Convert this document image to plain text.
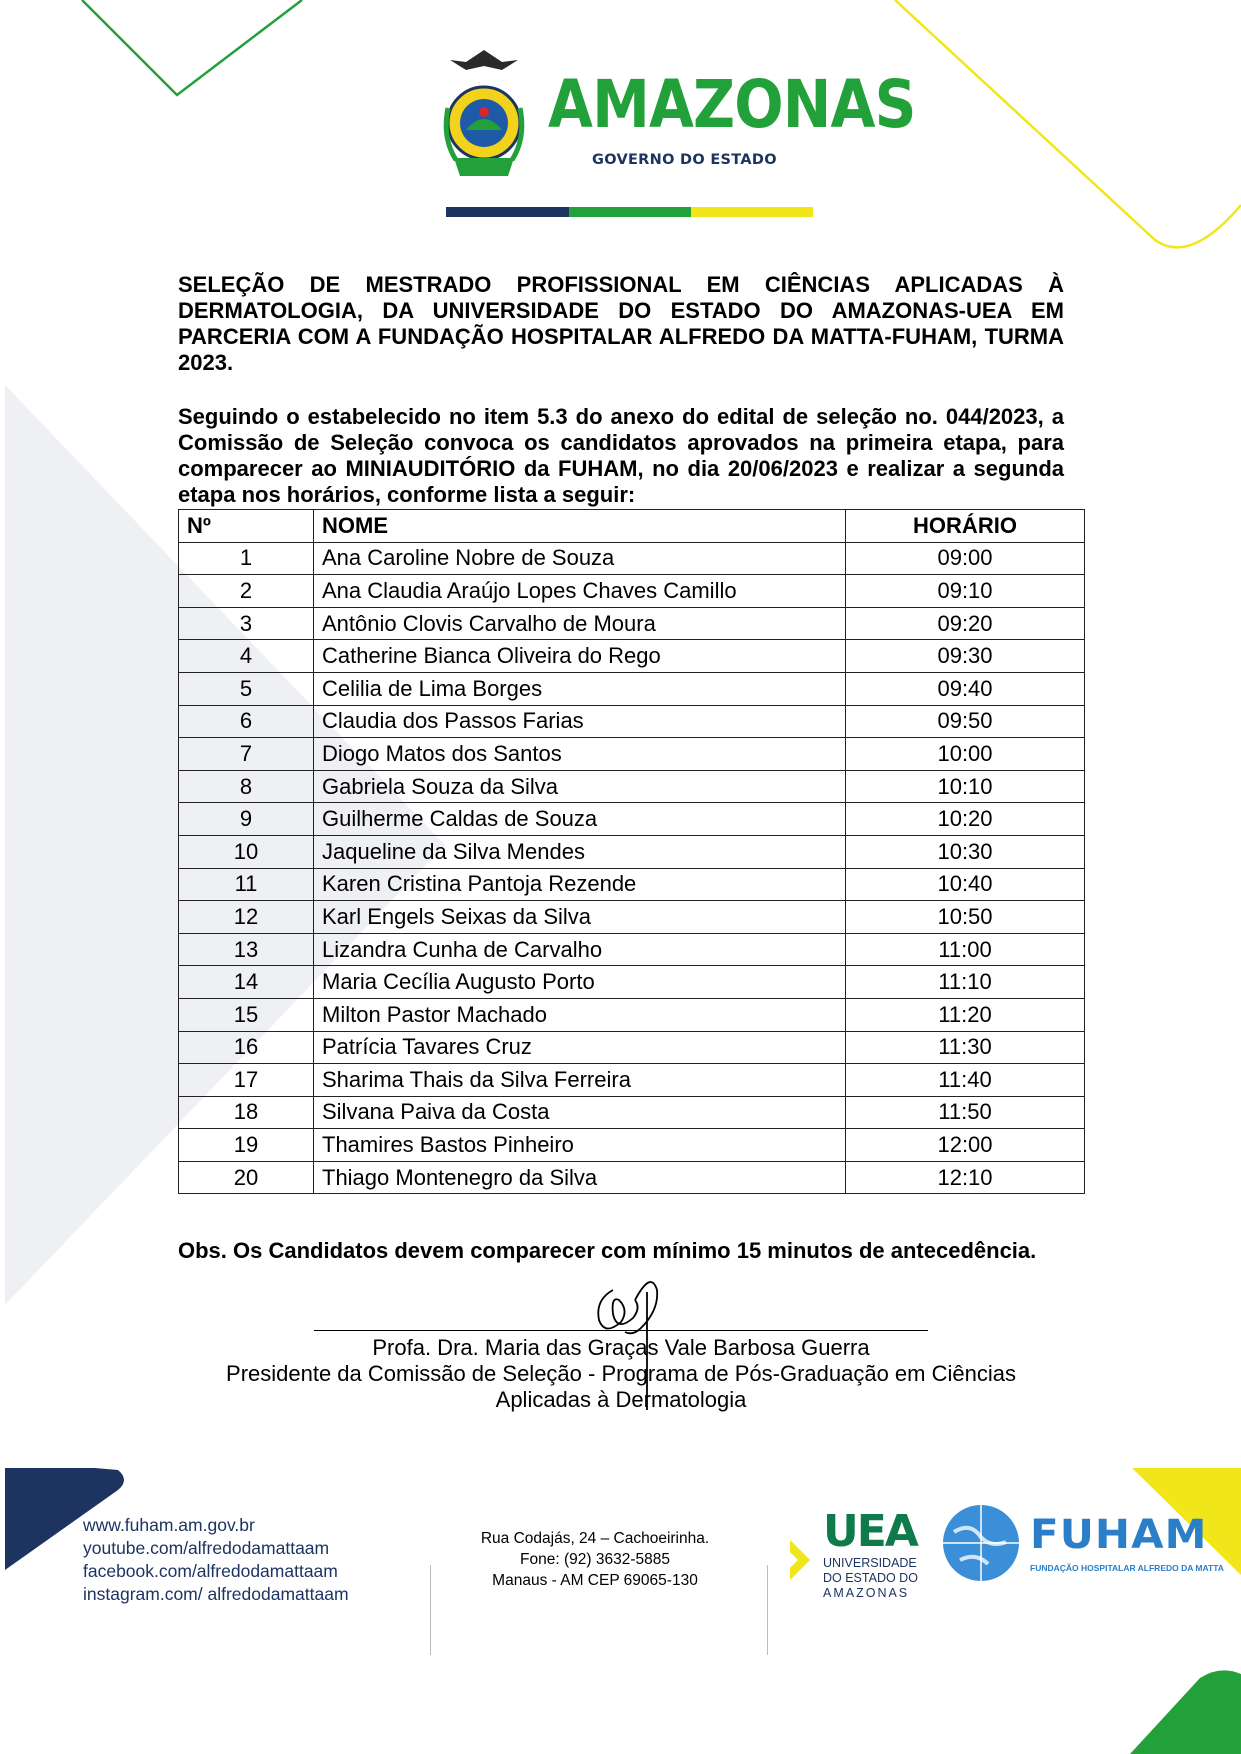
AMAZONAS
GOVERNO DO ESTADO
SELEÇÃO DE MESTRADO PROFISSIONAL EM CIÊNCIAS APLICADAS À DERMATOLOGIA, DA UNIVERSIDADE DO ESTADO DO AMAZONAS-UEA EM PARCERIA COM A FUNDAÇÃO HOSPITALAR ALFREDO DA MATTA-FUHAM, TURMA 2023.
Seguindo o estabelecido no item 5.3 do anexo do edital de seleção no. 044/2023, a Comissão de Seleção convoca os candidatos aprovados na primeira etapa, para comparecer ao MINIAUDITÓRIO da FUHAM, no dia 20/06/2023 e realizar a segunda etapa nos horários, conforme lista a seguir:
Nº	NOME	HORÁRIO
1	Ana Caroline Nobre de Souza	09:00
2	Ana Claudia Araújo Lopes Chaves Camillo	09:10
3	Antônio Clovis Carvalho de Moura	09:20
4	Catherine Bianca Oliveira do Rego	09:30
5	Celilia de Lima Borges	09:40
6	Claudia dos Passos Farias	09:50
7	Diogo Matos dos Santos	10:00
8	Gabriela Souza da Silva	10:10
9	Guilherme Caldas de Souza	10:20
10	Jaqueline da Silva Mendes	10:30
11	Karen Cristina Pantoja Rezende	10:40
12	Karl Engels Seixas da Silva	10:50
13	Lizandra Cunha de Carvalho	11:00
14	Maria Cecília Augusto Porto	11:10
15	Milton Pastor Machado	11:20
16	Patrícia Tavares Cruz	11:30
17	Sharima Thais da Silva Ferreira	11:40
18	Silvana Paiva da Costa	11:50
19	Thamires Bastos Pinheiro	12:00
20	Thiago Montenegro da Silva	12:10
Obs. Os Candidatos devem comparecer com mínimo 15 minutos de antecedência.
Profa. Dra. Maria das Graças Vale Barbosa Guerra
Presidente da Comissão de Seleção - Programa de Pós-Graduação em Ciências
Aplicadas à Dermatologia
www.fuham.am.gov.br
youtube.com/alfredodamattaam
facebook.com/alfredodamattaam
instagram.com/ alfredodamattaam
Rua Codajás, 24 – Cachoeirinha.
Fone: (92) 3632-5885
Manaus - AM CEP 69065-130
UEA
UNIVERSIDADE
DO ESTADO DO
AMAZONAS
FUHAM
FUNDAÇÃO HOSPITALAR ALFREDO DA MATTA
